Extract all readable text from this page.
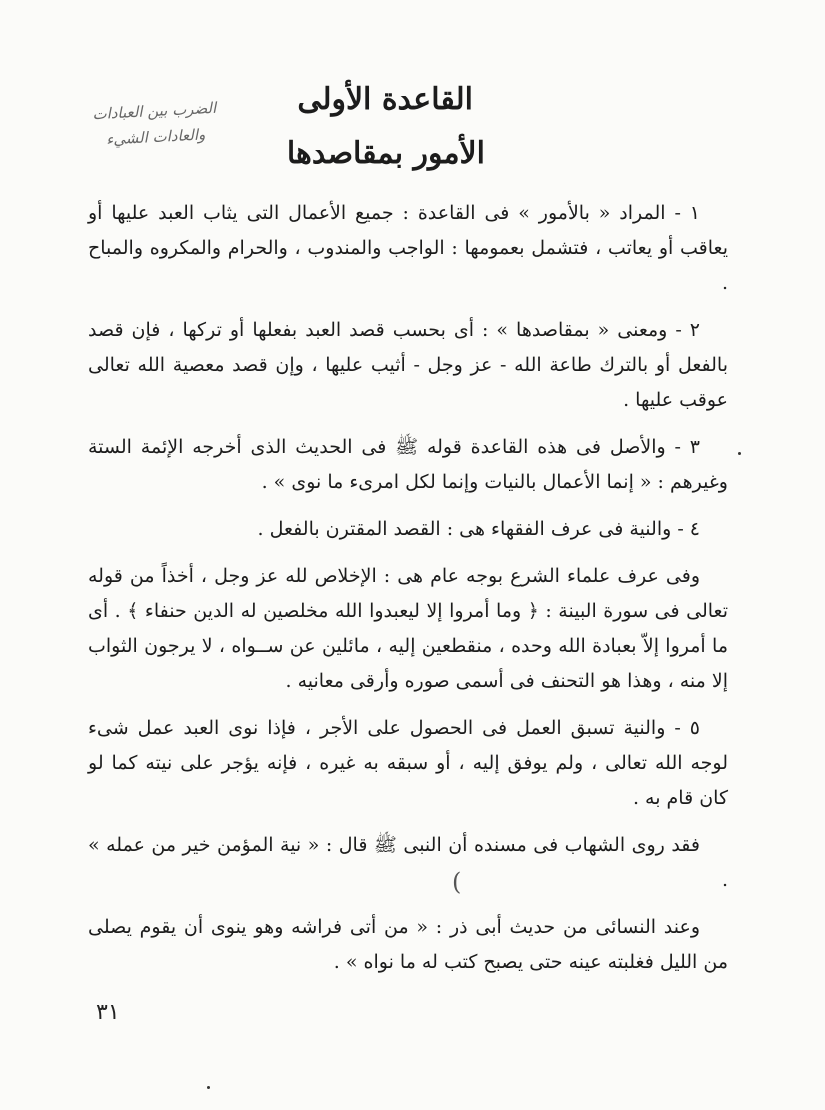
الضرب بين العبادات
والعادات الشيء
القاعدة الأولى
الأمور بمقاصدها

١ - المراد « بالأمور » فى القاعدة : جميع الأعمال التى يثاب العبد عليها أو يعاقب أو يعاتب ، فتشمل بعمومها : الواجب والمندوب ، والحرام والمكروه والمباح .

٢ - ومعنى « بمقاصدها » : أى بحسب قصد العبد بفعلها أو تركها ، فإن قصد بالفعل أو بالترك طاعة الله - عز وجل - أثيب عليها ، وإن قصد معصية الله تعالى عوقب عليها .

٣ - والأصل فى هذه القاعدة قوله ﷺ فى الحديث الذى أخرجه الإئمة الستة وغيرهم : « إنما الأعمال بالنيات وإنما لكل امرىء ما نوى » .

٤ - والنية فى عرف الفقهاء هى : القصد المقترن بالفعل .

وفى عرف علماء الشرع بوجه عام هى : الإخلاص لله عز وجل ، أخذاً من قوله تعالى فى سورة البينة : ﴿ وما أمروا إلا ليعبدوا الله مخلصين له الدين حنفاء ﴾ . أى ما أمروا إلاّ بعبادة الله وحده ، منقطعين إليه ، مائلين عن ســواه ، لا يرجون الثواب إلا منه ، وهذا هو التحنف فى أسمى صوره وأرقى معانيه .

٥ - والنية تسبق العمل فى الحصول على الأجر ، فإذا نوى العبد عمل شىء لوجه الله تعالى ، ولم يوفق إليه ، أو سبقه به غيره ، فإنه يؤجر على نيته كما لو كان قام به .

فقد روى الشهاب فى مسنده أن النبى ﷺ قال : « نية المؤمن خير من عمله » .

وعند النسائى من حديث أبى ذر : « من أتى فراشه وهو ينوى أن يقوم يصلى من الليل فغلبته عينه حتى يصبح كتب له ما نواه » .

(
٣١
